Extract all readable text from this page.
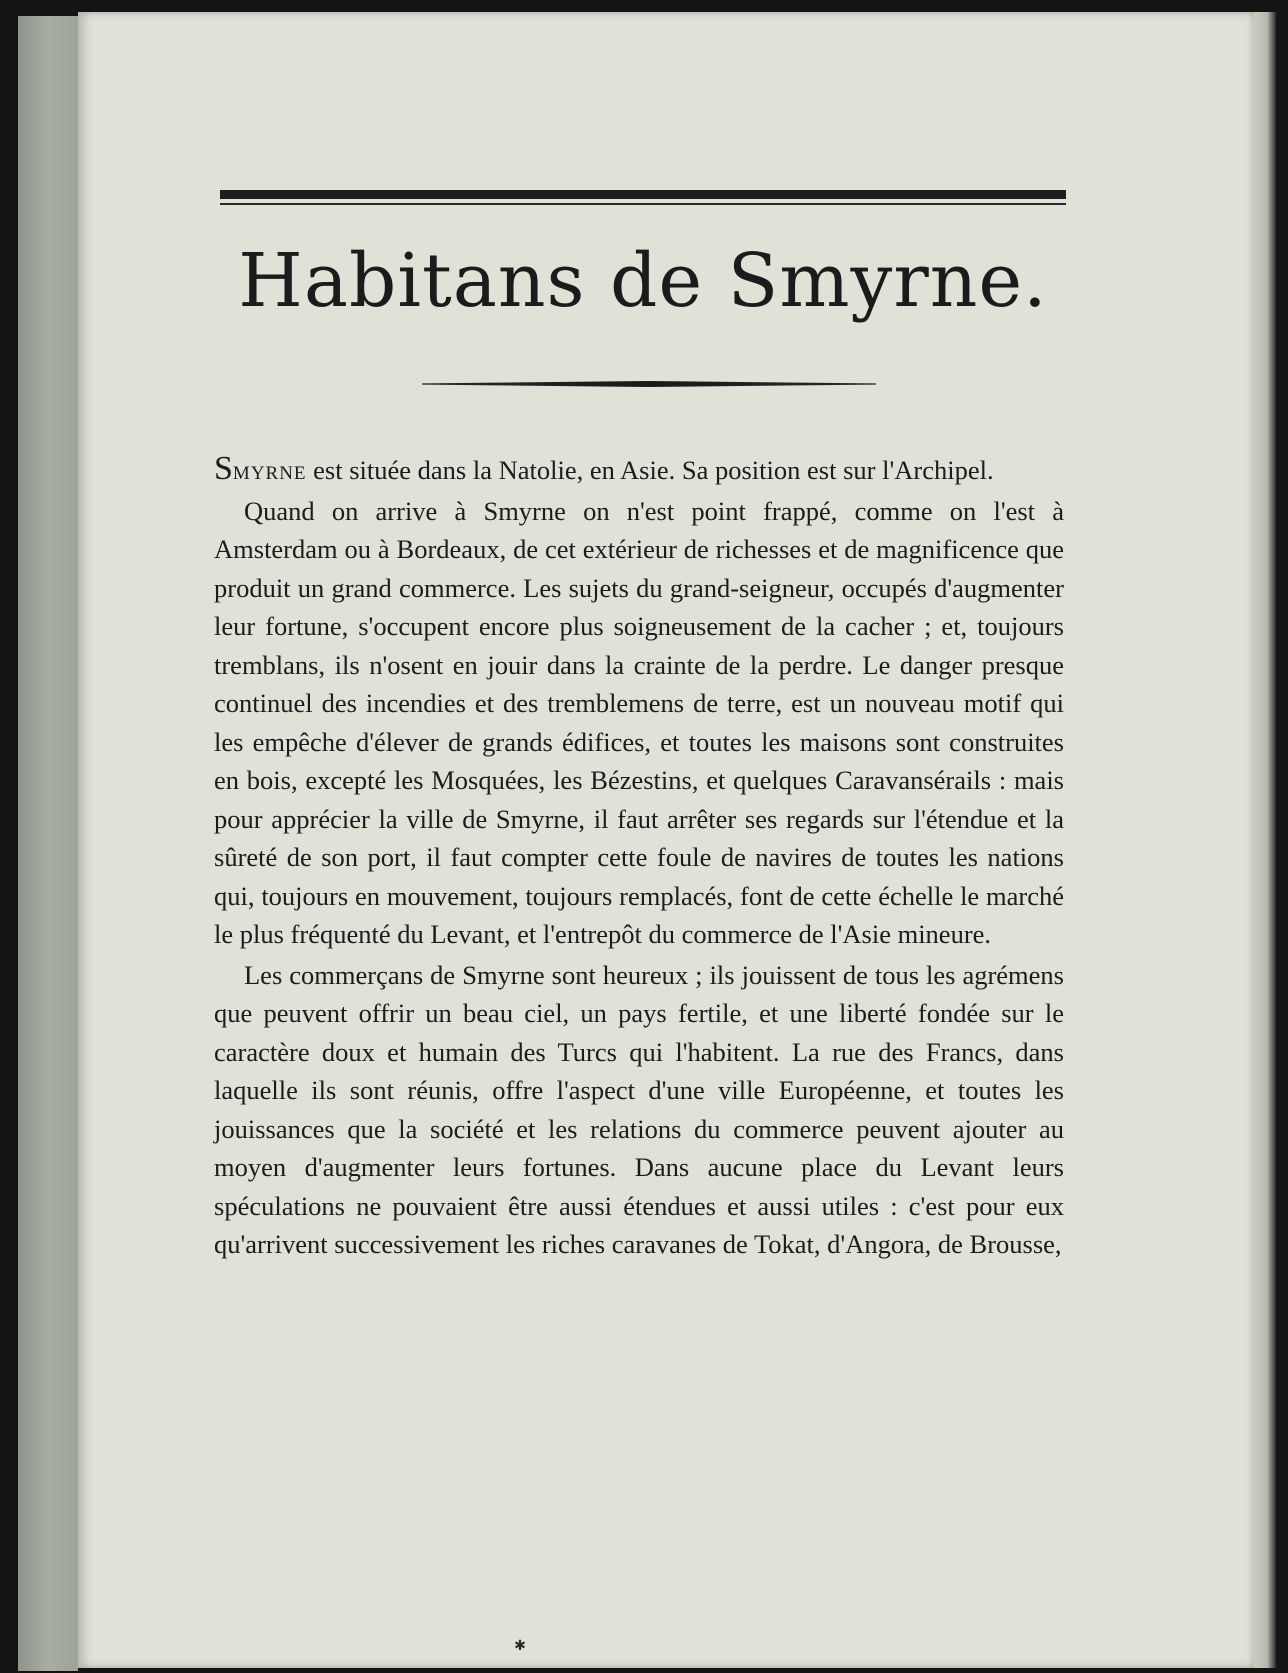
Habitans de Smyrne.

Smyrne est située dans la Natolie, en Asie. Sa position est sur l'Archipel.

Quand on arrive à Smyrne on n'est point frappé, comme on l'est à Amsterdam ou à Bordeaux, de cet extérieur de richesses et de magnificence que produit un grand commerce. Les sujets du grand-seigneur, occupés d'augmenter leur fortune, s'occupent encore plus soigneusement de la cacher ; et, toujours tremblans, ils n'osent en jouir dans la crainte de la perdre. Le danger presque continuel des incendies et des tremblemens de terre, est un nouveau motif qui les empêche d'élever de grands édifices, et toutes les maisons sont construites en bois, excepté les Mosquées, les Bézestins, et quelques Caravansérails : mais pour apprécier la ville de Smyrne, il faut arrêter ses regards sur l'étendue et la sûreté de son port, il faut compter cette foule de navires de toutes les nations qui, toujours en mouvement, toujours remplacés, font de cette échelle le marché le plus fréquenté du Levant, et l'entrepôt du commerce de l'Asie mineure.

Les commerçans de Smyrne sont heureux ; ils jouissent de tous les agrémens que peuvent offrir un beau ciel, un pays fertile, et une liberté fondée sur le caractère doux et humain des Turcs qui l'habitent. La rue des Francs, dans laquelle ils sont réunis, offre l'aspect d'une ville Européenne, et toutes les jouissances que la société et les relations du commerce peuvent ajouter au moyen d'augmenter leurs fortunes. Dans aucune place du Levant leurs spéculations ne pouvaient être aussi étendues et aussi utiles : c'est pour eux qu'arrivent successivement les riches caravanes de Tokat, d'Angora, de Brousse,

✱
